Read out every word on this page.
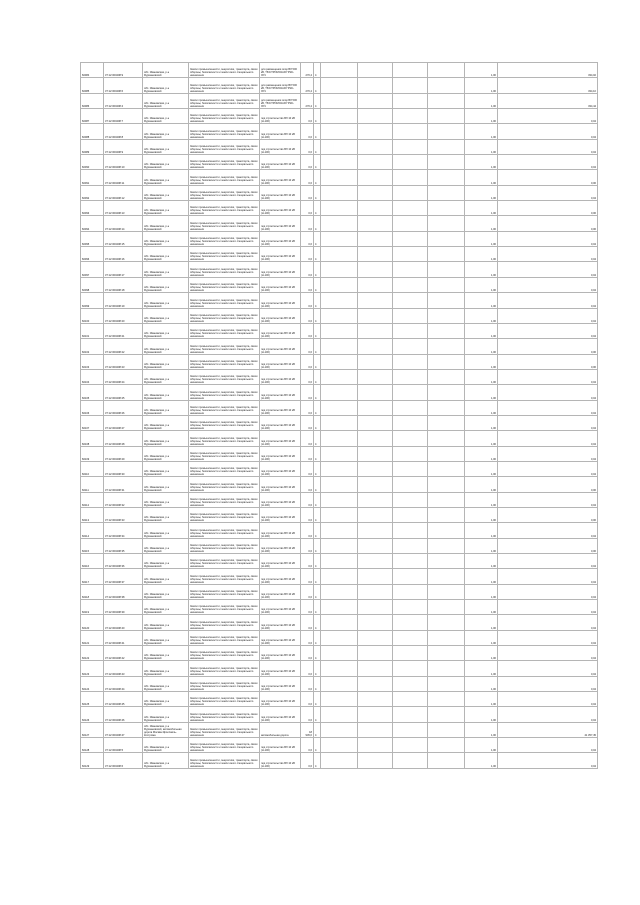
82084	37:12:000408:9	обл. Ивановская, р-н Фурмановский	Земли промышленности, энергетики, транспорта, связи обороны, безопасности и земли иного специального назначения	для размещения опор ВЛ 500 кВ, ТЮСТРОМСКАЯ ГРЭС-ЗУЧ	270,4	4					1,00	334,02
82085	37:12:000408:6	обл. Ивановская, р-н Фурмановский	Земли промышленности, энергетики, транспорта, связи обороны, безопасности и земли иного специального назначения	для размещения опор ВЛ 500 кВ, ТЮСТРОМСКАЯ ГРЭС-ЗУЧ	270,4	4					1,00	334,10
82086	37:12:000408:4	обл. Ивановская, р-н Фурмановский	Земли промышленности, энергетики, транспорта, связи обороны, безопасности и земли иного специального назначения	для размещения опор ВЛ 500 кВ, ТЮСТРОМСКАЯ ГРЭС-ЗУЧ	270,4	4					1,00	334,44
82087	37:12:000408:7	обл. Ивановская, р-н Фурмановский	Земли промышленности, энергетики, транспорта, связи обороны, безопасности и земли иного специального назначения	под строительство ВЛ 10 кВ (Н-100)	0,6	4					1,00	0,04
82088	37:12:000408:8	обл. Ивановская, р-н Фурмановский	Земли промышленности, энергетики, транспорта, связи обороны, безопасности и земли иного специального назначения	под строительство ВЛ 10 кВ (Н-100)	0,6	4					1,00	0,04
82089	37:12:000408:9	обл. Ивановская, р-н Фурмановский	Земли промышленности, энергетики, транспорта, связи обороны, безопасности и земли иного специального назначения	под строительство ВЛ 10 кВ (Н-100)	0,6	4					1,00	0,04
82090	37:12:000408:10	обл. Ивановская, р-н Фурмановский	Земли промышленности, энергетики, транспорта, связи обороны, безопасности и земли иного специального назначения	под строительство ВЛ 10 кВ (Н-100)	0,6	4					1,00	0,04
82091	37:12:000408:11	обл. Ивановская, р-н Фурмановский	Земли промышленности, энергетики, транспорта, связи обороны, безопасности и земли иного специального назначения	под строительство ВЛ 10 кВ (Н-100)	0,6	4					1,00	0,06
82092	37:12:000408:12	обл. Ивановская, р-н Фурмановский	Земли промышленности, энергетики, транспорта, связи обороны, безопасности и земли иного специального назначения	под строительство ВЛ 10 кВ (Н-100)	0,6	4					1,00	0,04
82093	37:12:000408:13	обл. Ивановская, р-н Фурмановский	Земли промышленности, энергетики, транспорта, связи обороны, безопасности и земли иного специального назначения	под строительство ВЛ 10 кВ (Н-100)	0,6	4					1,00	0,06
82094	37:12:000408:14	обл. Ивановская, р-н Фурмановский	Земли промышленности, энергетики, транспорта, связи обороны, безопасности и земли иного специального назначения	под строительство ВЛ 10 кВ (Н-100)	0,6	4					1,00	0,06
82095	37:12:000408:15	обл. Ивановская, р-н Фурмановский	Земли промышленности, энергетики, транспорта, связи обороны, безопасности и земли иного специального назначения	под строительство ВЛ 10 кВ (Н-100)	0,6	4					1,00	0,04
82096	37:12:000408:16	обл. Ивановская, р-н Фурмановский	Земли промышленности, энергетики, транспорта, связи обороны, безопасности и земли иного специального назначения	под строительство ВЛ 10 кВ (Н-100)	0,6	4					1,00	0,04
82097	37:12:000408:17	обл. Ивановская, р-н Фурмановский	Земли промышленности, энергетики, транспорта, связи обороны, безопасности и земли иного специального назначения	под строительство ВЛ 10 кВ (Н-100)	0,6	4					1,00	0,04
82098	37:12:000408:18	обл. Ивановская, р-н Фурмановский	Земли промышленности, энергетики, транспорта, связи обороны, безопасности и земли иного специального назначения	под строительство ВЛ 10 кВ (Н-100)	0,6	4					1,00	0,04
82099	37:12:000408:19	обл. Ивановская, р-н Фурмановский	Земли промышленности, энергетики, транспорта, связи обороны, безопасности и земли иного специального назначения	под строительство ВЛ 10 кВ (Н-100)	0,6	4					1,00	0,04
82100	37:12:000408:20	обл. Ивановская, р-н Фурмановский	Земли промышленности, энергетики, транспорта, связи обороны, безопасности и земли иного специального назначения	под строительство ВЛ 10 кВ (Н-100)	0,6	4					1,00	0,04
82101	37:12:000408:21	обл. Ивановская, р-н Фурмановский	Земли промышленности, энергетики, транспорта, связи обороны, безопасности и земли иного специального назначения	под строительство ВЛ 10 кВ (Н-100)	0,6	4					1,00	0,04
82102	37:12:000408:22	обл. Ивановская, р-н Фурмановский	Земли промышленности, энергетики, транспорта, связи обороны, безопасности и земли иного специального назначения	под строительство ВЛ 10 кВ (Н-100)	0,6	4					1,00	0,06
82103	37:12:000408:23	обл. Ивановская, р-н Фурмановский	Земли промышленности, энергетики, транспорта, связи обороны, безопасности и земли иного специального назначения	под строительство ВЛ 10 кВ (Н-100)	0,6	4					1,00	0,06
82104	37:12:000408:24	обл. Ивановская, р-н Фурмановский	Земли промышленности, энергетики, транспорта, связи обороны, безопасности и земли иного специального назначения	под строительство ВЛ 10 кВ (Н-100)	0,6	4					1,00	0,04
82105	37:12:000408:25	обл. Ивановская, р-н Фурмановский	Земли промышленности, энергетики, транспорта, связи обороны, безопасности и земли иного специального назначения	под строительство ВЛ 10 кВ (Н-100)	0,6	4					1,00	0,04
82106	37:12:000408:26	обл. Ивановская, р-н Фурмановский	Земли промышленности, энергетики, транспорта, связи обороны, безопасности и земли иного специального назначения	под строительство ВЛ 10 кВ (Н-100)	0,6	4					1,00	0,04
82107	37:12:000408:27	обл. Ивановская, р-н Фурмановский	Земли промышленности, энергетики, транспорта, связи обороны, безопасности и земли иного специального назначения	под строительство ВЛ 10 кВ (Н-100)	0,6	4					1,00	0,04
82108	37:12:000408:28	обл. Ивановская, р-н Фурмановский	Земли промышленности, энергетики, транспорта, связи обороны, безопасности и земли иного специального назначения	под строительство ВЛ 10 кВ (Н-100)	0,6	4					1,00	0,04
82109	37:12:000408:29	обл. Ивановская, р-н Фурмановский	Земли промышленности, энергетики, транспорта, связи обороны, безопасности и земли иного специального назначения	под строительство ВЛ 10 кВ (Н-100)	0,6	4					1,00	0,04
82110	37:12:000408:30	обл. Ивановская, р-н Фурмановский	Земли промышленности, энергетики, транспорта, связи обороны, безопасности и земли иного специального назначения	под строительство ВЛ 10 кВ (Н-100)	0,6	4					1,00	0,04
82111	37:12:000408:31	обл. Ивановская, р-н Фурмановский	Земли промышленности, энергетики, транспорта, связи обороны, безопасности и земли иного специального назначения	под строительство ВЛ 10 кВ (Н-100)	0,6	4					1,00	0,06
82112	37:12:000408:32	обл. Ивановская, р-н Фурмановский	Земли промышленности, энергетики, транспорта, связи обороны, безопасности и земли иного специального назначения	под строительство ВЛ 10 кВ (Н-100)	0,6	4					1,00	0,04
82113	37:12:000408:33	обл. Ивановская, р-н Фурмановский	Земли промышленности, энергетики, транспорта, связи обороны, безопасности и земли иного специального назначения	под строительство ВЛ 10 кВ (Н-100)	0,6	4					1,00	0,06
82114	37:12:000408:34	обл. Ивановская, р-н Фурмановский	Земли промышленности, энергетики, транспорта, связи обороны, безопасности и земли иного специального назначения	под строительство ВЛ 10 кВ (Н-100)	0,6	4					1,00	0,04
82115	37:12:000408:35	обл. Ивановская, р-н Фурмановский	Земли промышленности, энергетики, транспорта, связи обороны, безопасности и земли иного специального назначения	под строительство ВЛ 10 кВ (Н-100)	0,6	4					1,00	0,06
82116	37:12:000408:36	обл. Ивановская, р-н Фурмановский	Земли промышленности, энергетики, транспорта, связи обороны, безопасности и земли иного специального назначения	под строительство ВЛ 10 кВ (Н-100)	0,6	4					1,00	0,04
82117	37:12:000408:37	обл. Ивановская, р-н Фурмановский	Земли промышленности, энергетики, транспорта, связи обороны, безопасности и земли иного специального назначения	под строительство ВЛ 10 кВ (Н-100)	0,6	4					1,00	0,04
82118	37:12:000408:38	обл. Ивановская, р-н Фурмановский	Земли промышленности, энергетики, транспорта, связи обороны, безопасности и земли иного специального назначения	под строительство ВЛ 10 кВ (Н-100)	0,6	4					1,00	0,04
82119	37:12:000408:39	обл. Ивановская, р-н Фурмановский	Земли промышленности, энергетики, транспорта, связи обороны, безопасности и земли иного специального назначения	под строительство ВЛ 10 кВ (Н-100)	0,6	4					1,00	0,04
82120	37:12:000408:40	обл. Ивановская, р-н Фурмановский	Земли промышленности, энергетики, транспорта, связи обороны, безопасности и земли иного специального назначения	под строительство ВЛ 10 кВ (Н-100)	0,6	4					1,00	0,04
82121	37:12:000408:41	обл. Ивановская, р-н Фурмановский	Земли промышленности, энергетики, транспорта, связи обороны, безопасности и земли иного специального назначения	под строительство ВЛ 10 кВ (Н-100)	0,6	4					1,00	0,04
82122	37:12:000408:42	обл. Ивановская, р-н Фурмановский	Земли промышленности, энергетики, транспорта, связи обороны, безопасности и земли иного специального назначения	под строительство ВЛ 10 кВ (Н-100)	0,6	4					1,00	0,04
82123	37:12:000408:43	обл. Ивановская, р-н Фурмановский	Земли промышленности, энергетики, транспорта, связи обороны, безопасности и земли иного специального назначения	под строительство ВЛ 10 кВ (Н-100)	0,6	4					1,00	0,04
82124	37:12:000408:44	обл. Ивановская, р-н Фурмановский	Земли промышленности, энергетики, транспорта, связи обороны, безопасности и земли иного специального назначения	под строительство ВЛ 10 кВ (Н-100)	0,6	4					1,00	0,04
82125	37:12:000408:45	обл. Ивановская, р-н Фурмановский	Земли промышленности, энергетики, транспорта, связи обороны, безопасности и земли иного специального назначения	под строительство ВЛ 10 кВ (Н-100)	0,6	4					1,00	0,04
82126	37:12:000408:46	обл. Ивановская, р-н Фурмановский	Земли промышленности, энергетики, транспорта, связи обороны, безопасности и земли иного специального назначения	под строительство ВЛ 10 кВ (Н-100)	0,6	4					1,00	0,04
82127	37:12:000408:47	обл. Ивановская, р-н Фурмановский, автомобильная дорога Москва-Ярославль-Кострома	Земли промышленности, энергетики, транспорта, связи обороны, безопасности и земли иного специального назначения	автомобильная дорога	18 945,0	4					1,00	41 357,45
82128	37:12:000408:5	обл. Ивановская, р-н Фурмановский	Земли промышленности, энергетики, транспорта, связи обороны, безопасности и земли иного специального назначения	под строительство ВЛ 10 кВ (Н-100)	0,6	4					1,00	0,04
82129	37:12:000408:6	обл. Ивановская, р-н Фурмановский	Земли промышленности, энергетики, транспорта, связи обороны, безопасности и земли иного специального назначения	под строительство ВЛ 10 кВ (Н-100)	0,6	4					1,00	0,04
